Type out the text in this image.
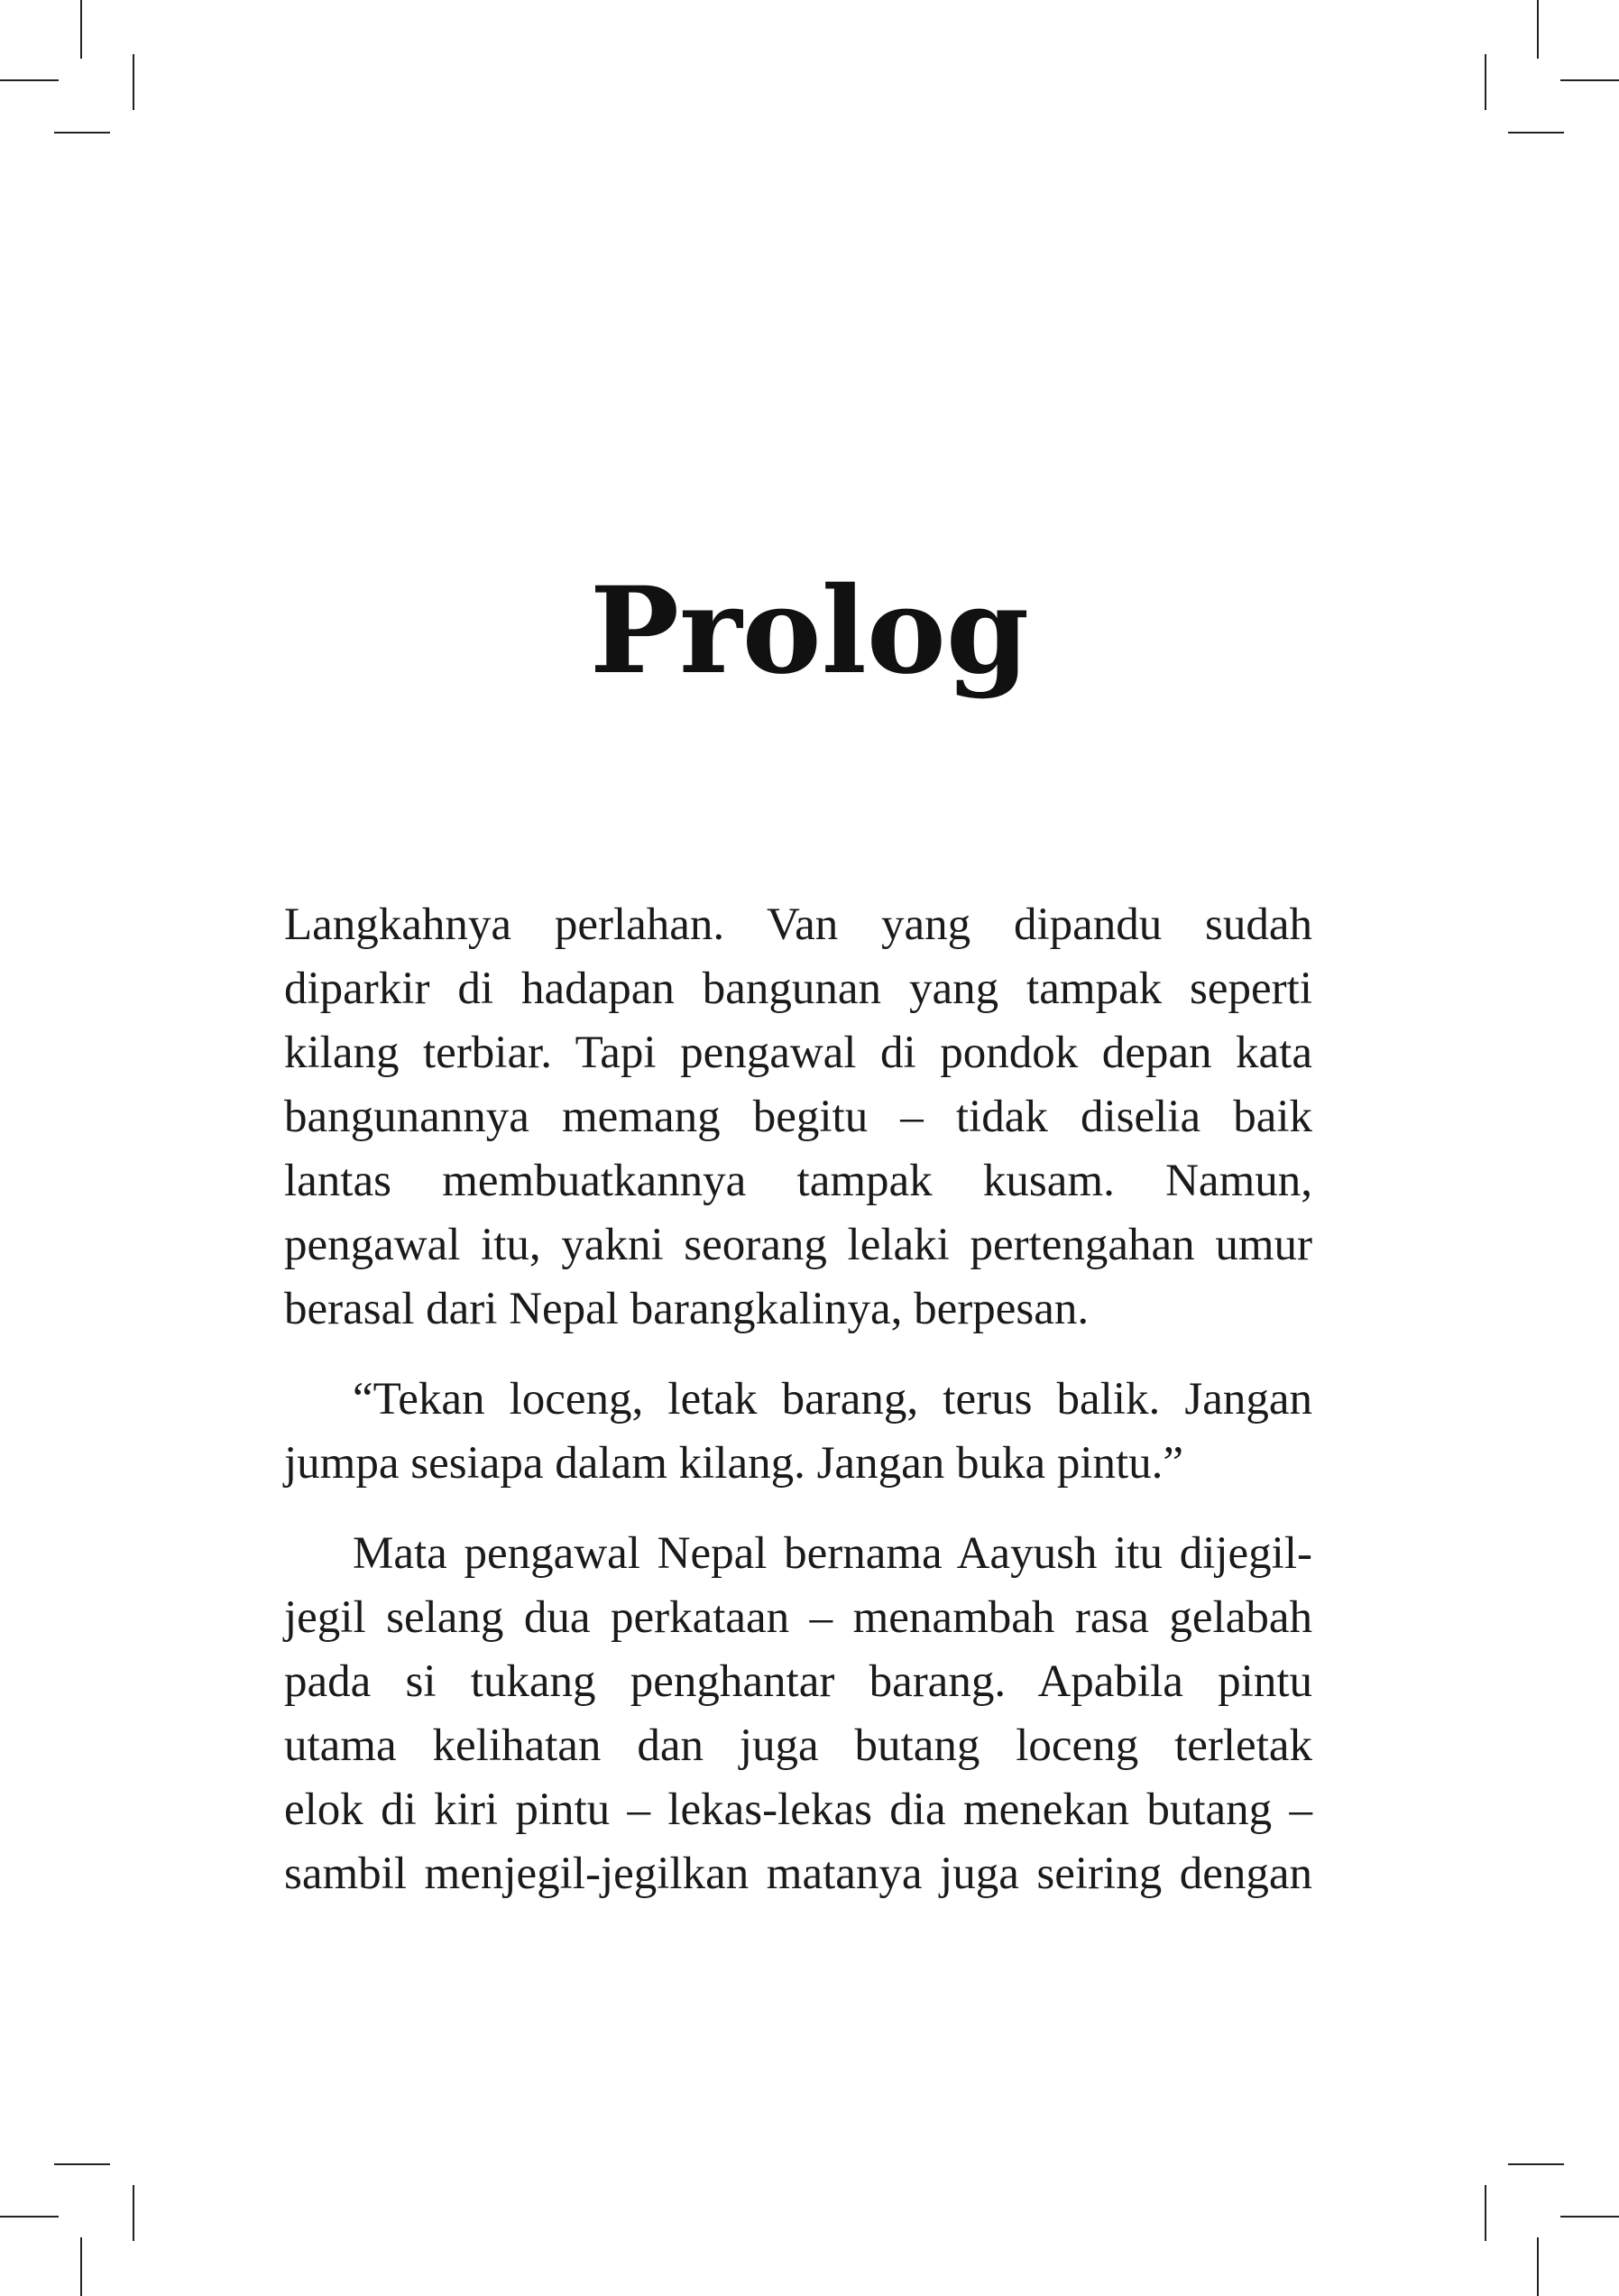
Prolog

Langkahnya perlahan. Van yang dipandu sudah
diparkir di hadapan bangunan yang tampak seperti
kilang terbiar. Tapi pengawal di pondok depan kata
bangunannya memang begitu – tidak diselia baik
lantas membuatkannya tampak kusam. Namun,
pengawal itu, yakni seorang lelaki pertengahan umur
berasal dari Nepal barangkalinya, berpesan.

“Tekan loceng, letak barang, terus balik. Jangan
jumpa sesiapa dalam kilang. Jangan buka pintu.”

Mata pengawal Nepal bernama Aayush itu dijegil-
jegil selang dua perkataan – menambah rasa gelabah
pada si tukang penghantar barang. Apabila pintu
utama kelihatan dan juga butang loceng terletak
elok di kiri pintu – lekas-lekas dia menekan butang –
sambil menjegil-jegilkan matanya juga seiring dengan
